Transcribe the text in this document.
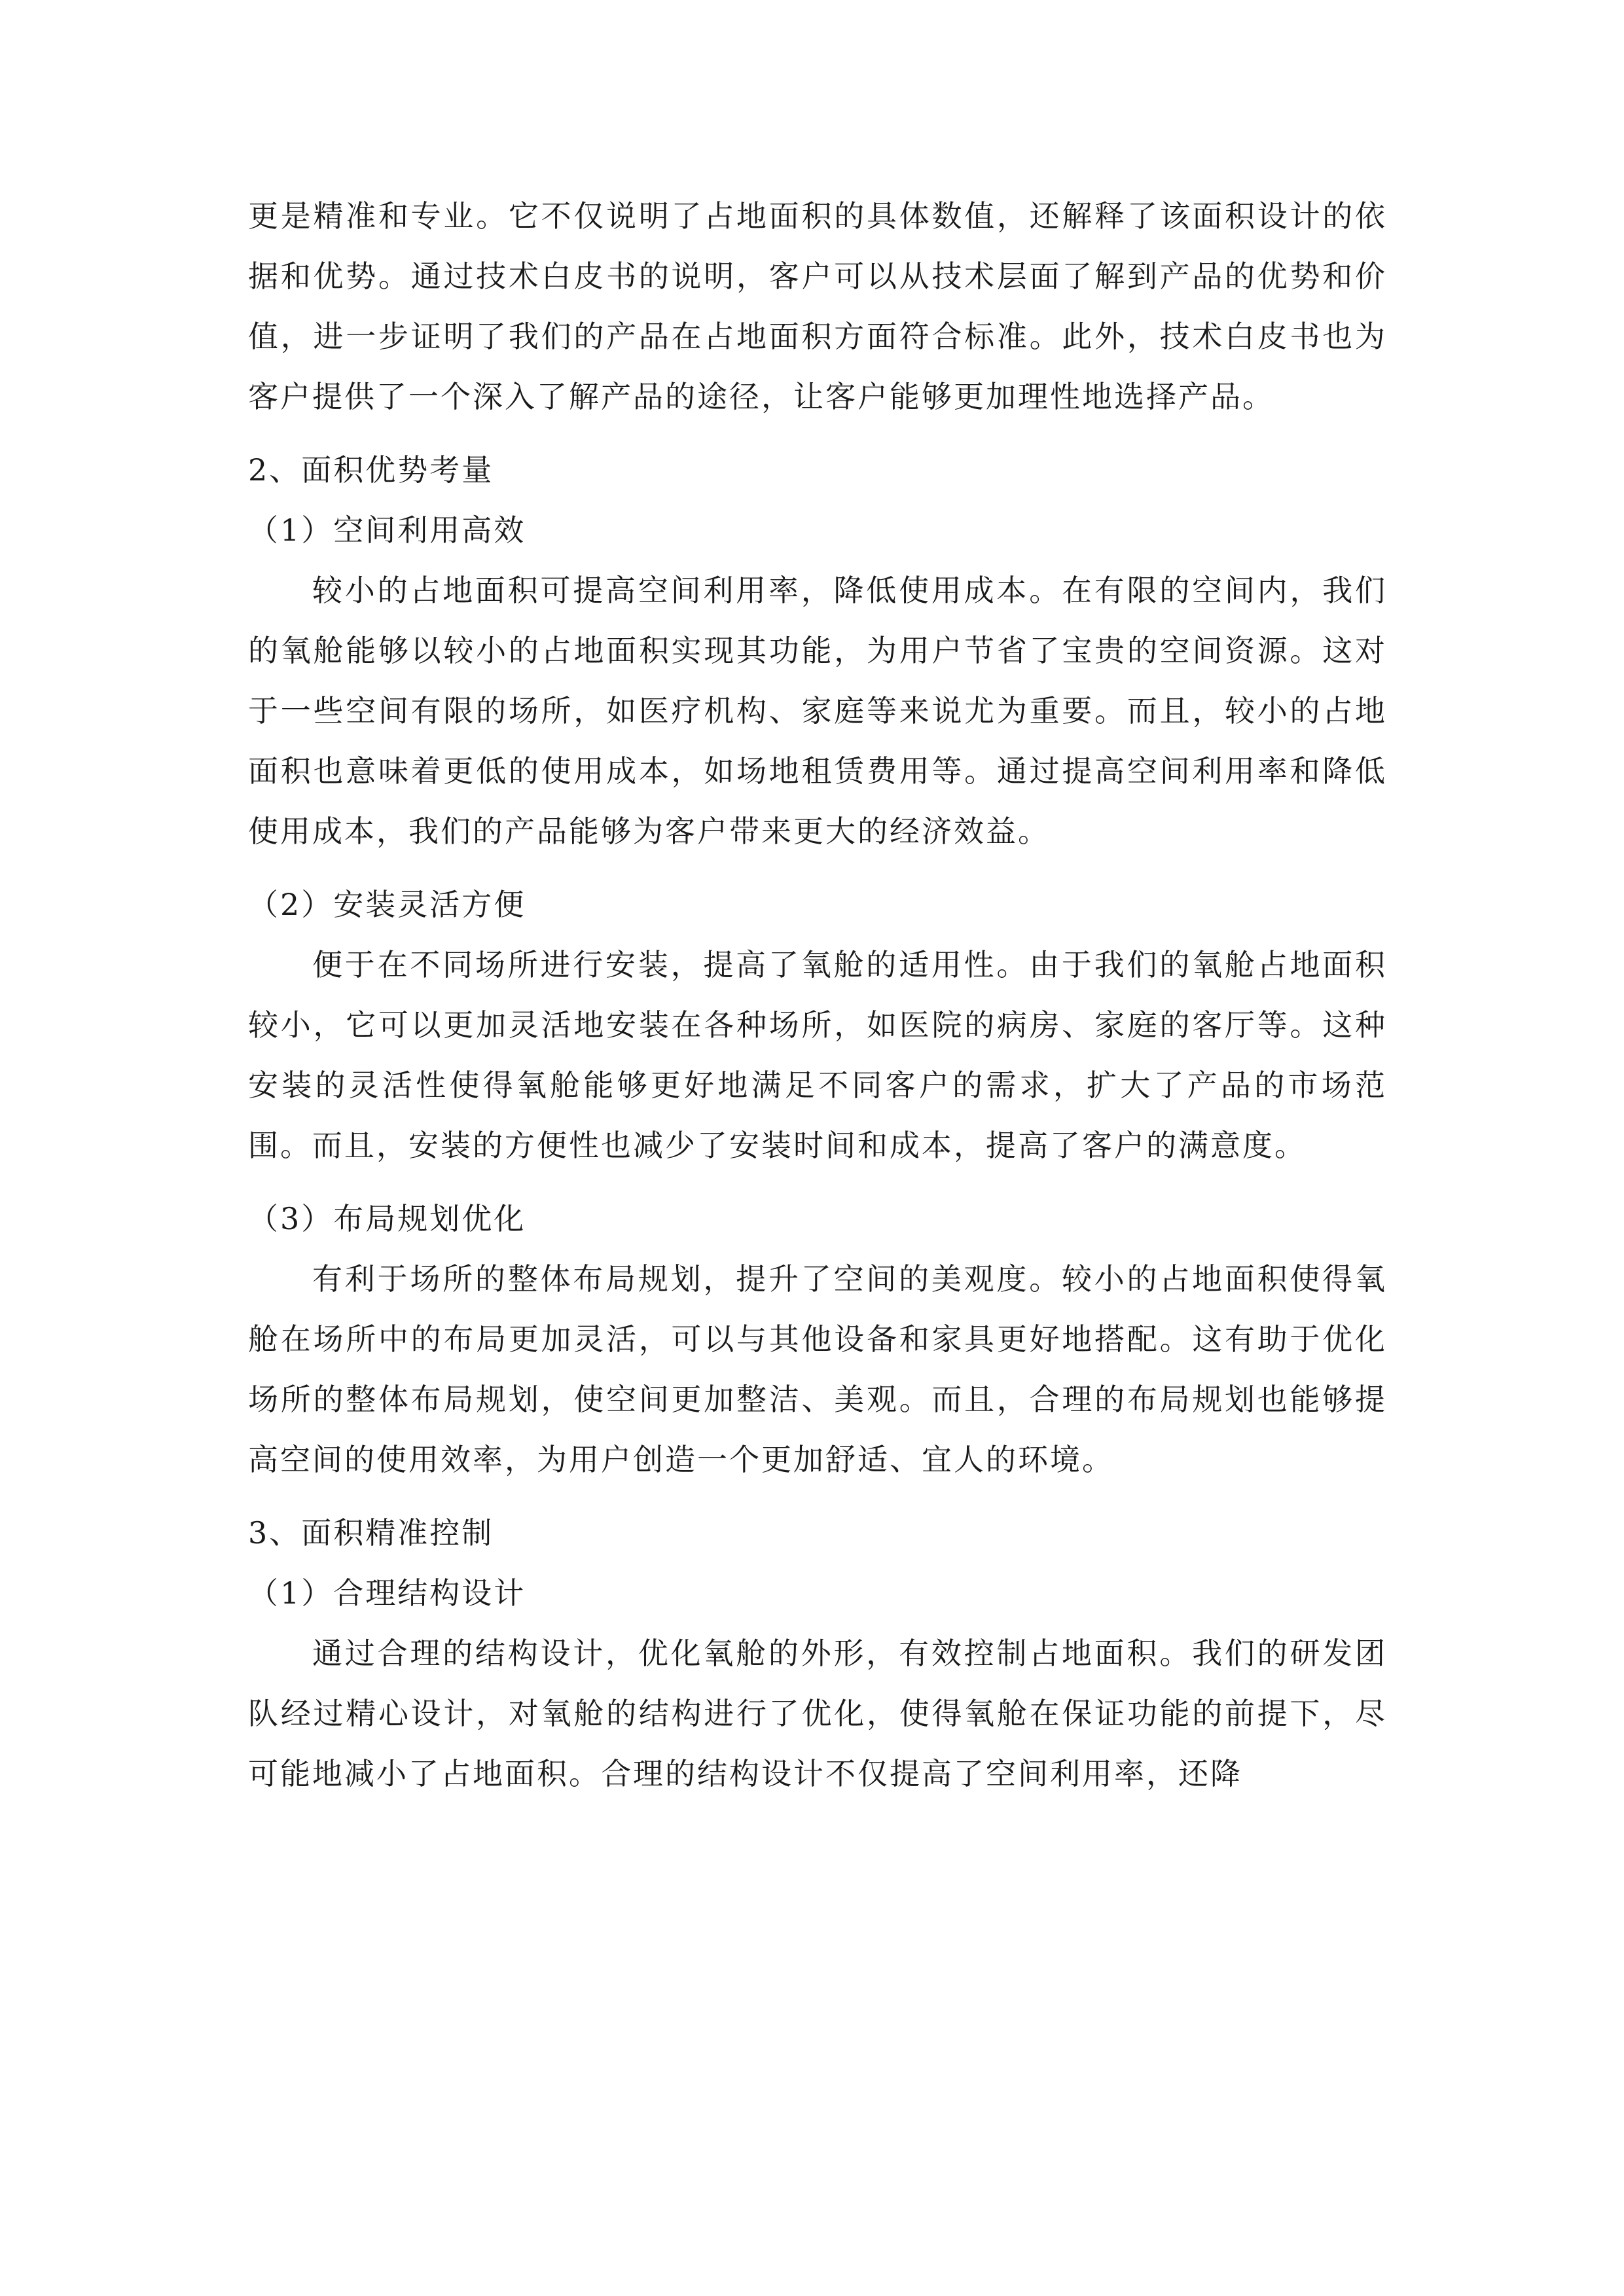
更是精准和专业。它不仅说明了占地面积的具体数值，还解释了该面积设计的依据和优势。通过技术白皮书的说明，客户可以从技术层面了解到产品的优势和价值，进一步证明了我们的产品在占地面积方面符合标准。此外，技术白皮书也为客户提供了一个深入了解产品的途径，让客户能够更加理性地选择产品。

2、面积优势考量

（1）空间利用高效

较小的占地面积可提高空间利用率，降低使用成本。在有限的空间内，我们的氧舱能够以较小的占地面积实现其功能，为用户节省了宝贵的空间资源。这对于一些空间有限的场所，如医疗机构、家庭等来说尤为重要。而且，较小的占地面积也意味着更低的使用成本，如场地租赁费用等。通过提高空间利用率和降低使用成本，我们的产品能够为客户带来更大的经济效益。

（2）安装灵活方便

便于在不同场所进行安装，提高了氧舱的适用性。由于我们的氧舱占地面积较小，它可以更加灵活地安装在各种场所，如医院的病房、家庭的客厅等。这种安装的灵活性使得氧舱能够更好地满足不同客户的需求，扩大了产品的市场范围。而且，安装的方便性也减少了安装时间和成本，提高了客户的满意度。

（3）布局规划优化

有利于场所的整体布局规划，提升了空间的美观度。较小的占地面积使得氧舱在场所中的布局更加灵活，可以与其他设备和家具更好地搭配。这有助于优化场所的整体布局规划，使空间更加整洁、美观。而且，合理的布局规划也能够提高空间的使用效率，为用户创造一个更加舒适、宜人的环境。

3、面积精准控制

（1）合理结构设计

通过合理的结构设计，优化氧舱的外形，有效控制占地面积。我们的研发团队经过精心设计，对氧舱的结构进行了优化，使得氧舱在保证功能的前提下，尽可能地减小了占地面积。合理的结构设计不仅提高了空间利用率，还降
